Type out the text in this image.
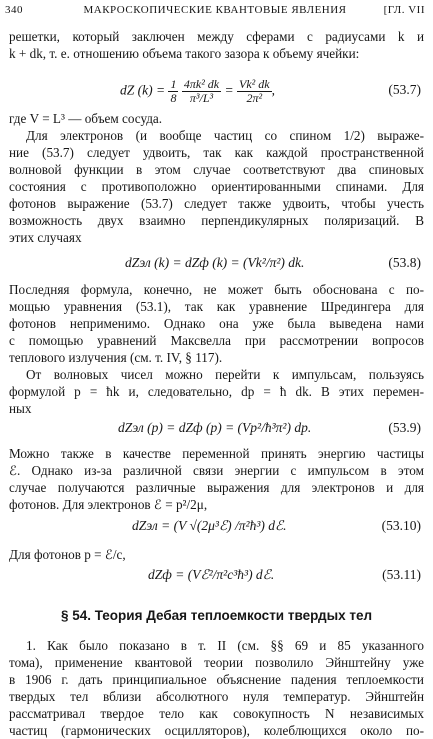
340	МАКРОСКОПИЧЕСКИЕ КВАНТОВЫЕ ЯВЛЕНИЯ	[ГЛ. VII
решетки, который заключен между сферами с радиусами k и
k + dk, т. е. отношению объема такого зазора к объему ячейки:
dZ $(k) = \frac{1}{8}$
$\frac{\text{4πk² dk}}{\text{π³/L³}} = \frac{\text{Vk² dk}}{\text{2π²}}$ ,	(53.7)
где V = L³ — объем сосуда.
Для электронов (и вообще частиц со спином 1/2) выраже-
ние (53.7) следует удвоить, так как каждой пространственной
волновой функции в этом случае соответствуют два спиновых
состояния с противоположно ориентированными спинами. Для
фотонов выражение (53.7) следует также удвоить, чтобы учесть
возможность двух взаимно перпендикулярных поляризаций. В
этих случаях
dZэл (k) = dZф (k) = (Vk²/π²) dk.	(53.8)
Последняя формула, конечно, не может быть обоснована с по-
мощью уравнения (53.1), так как уравнение Шредингера для
фотонов неприменимо. Однако она уже была выведена нами
с помощью уравнений Максвелла при рассмотрении вопросов
теплового излучения (см. т. IV, § 117).
От волновых чисел можно перейти к импульсам, пользуясь
формулой p = ħk и, следовательно, dp = ħ dk. В этих перемен-
ных
dZэл (p) = dZф (p) = (Vp²/ħ³π²) dp.	(53.9)
Можно также в качестве переменной принять энергию частицы
ℰ. Однако из-за различной связи энергии с импульсом в этом
случае получаются различные выражения для электронов и для
фотонов. Для электронов ℰ = p²/2μ,
dZэл = (V √(2μ³ℰ) /π²ħ³) dℰ.	(53.10)
Для фотонов p = ℰ/c,
dZф = (Vℰ²/π²c³ħ³) dℰ.	(53.11)
§ 54. Теория Дебая теплоемкости твердых тел
1. Как было показано в т. II (см. §§ 69 и 85 указанного
тома), применение квантовой теории позволило Эйнштейну уже
в 1906 г. дать принципиальное объяснение падения теплоемкости
твердых тел вблизи абсолютного нуля температур. Эйнштейн
рассматривал твердое тело как совокупность N независимых
частиц (гармонических осцилляторов), колеблющихся около по-
